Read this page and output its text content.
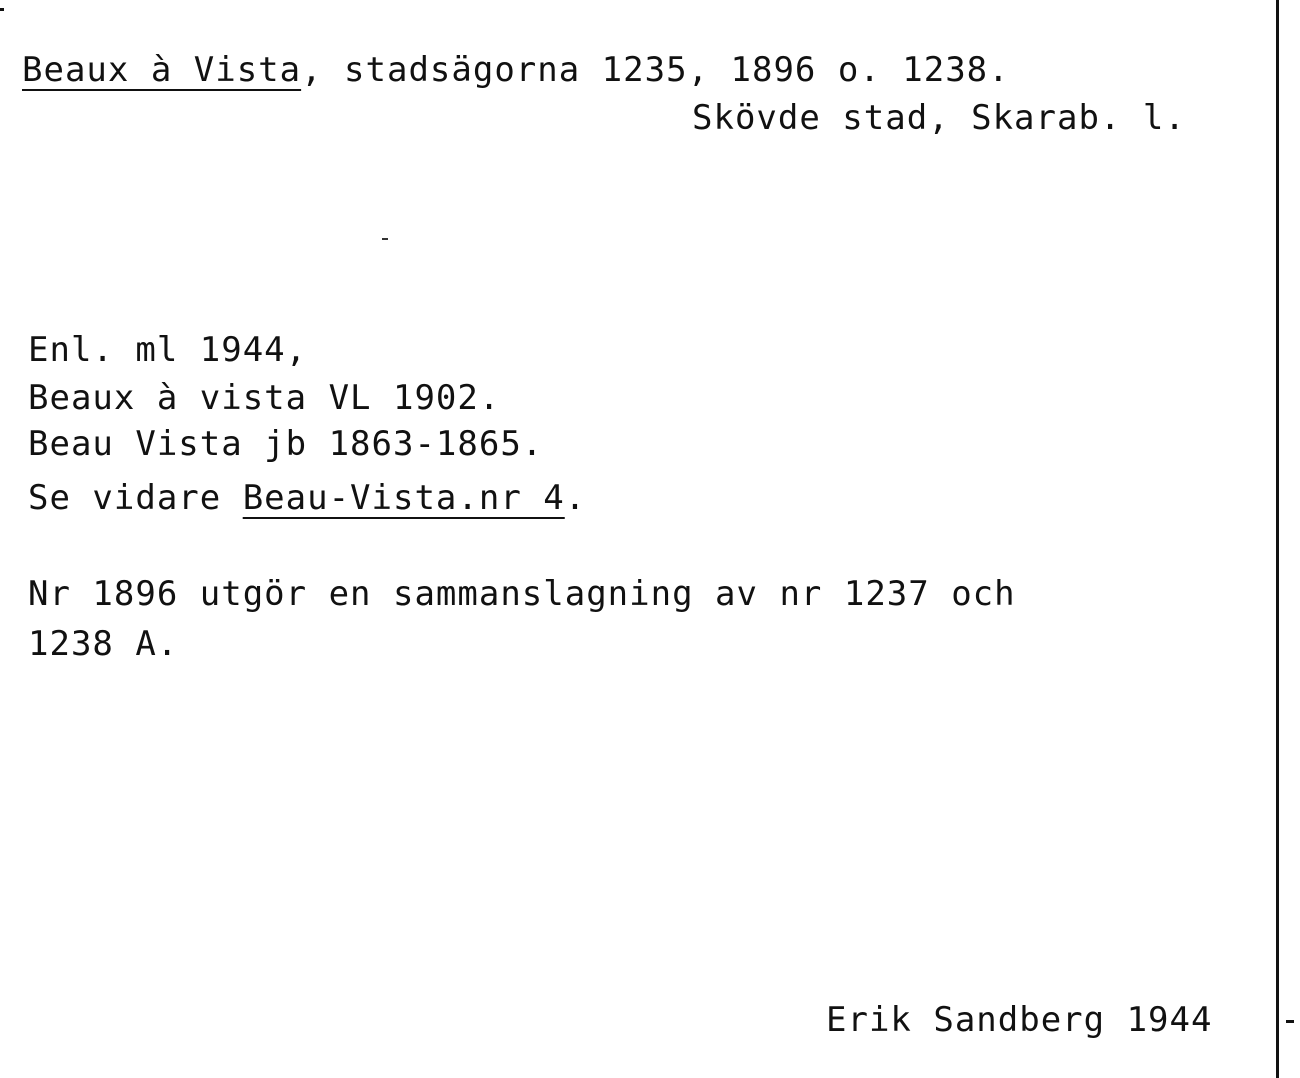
Beaux à Vista, stadsägorna 1235, 1896 o. 1238.
Skövde stad, Skarab. l.
Enl. ml 1944,
Beaux à vista VL 1902.
Beau Vista jb 1863-1865.
Se vidare Beau-Vista.nr 4.
Nr 1896 utgör en sammanslagning av nr 1237 och
1238 A.
Erik Sandberg 1944
